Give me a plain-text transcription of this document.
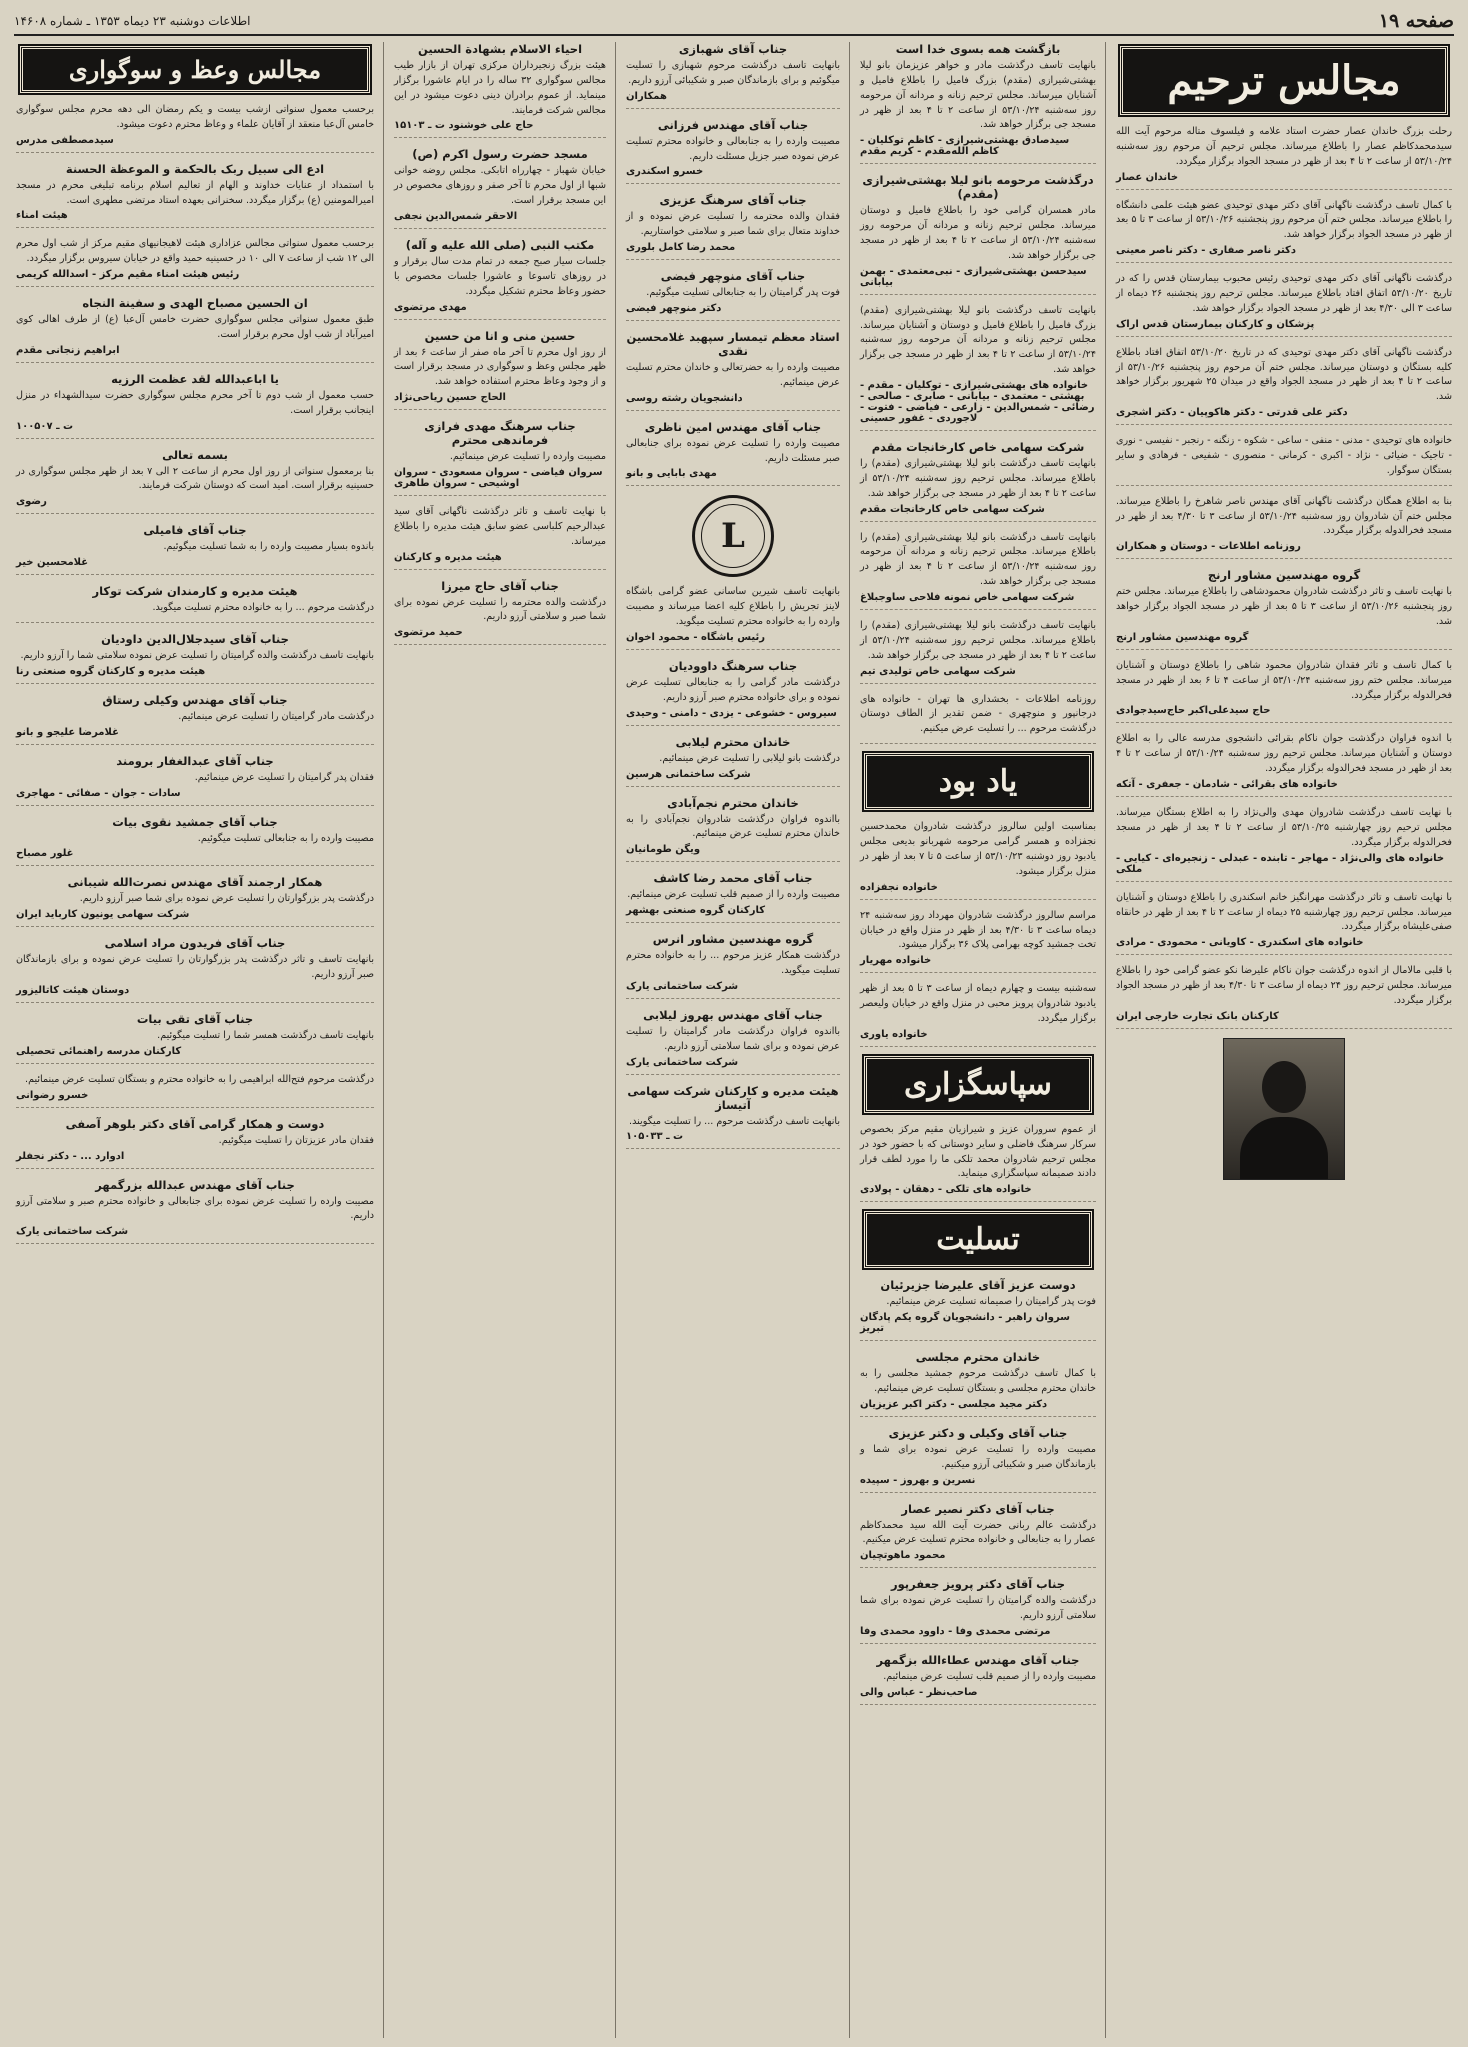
صفحه ۱۹
اطلاعات دوشنبه ۲۳ دیماه ۱۳۵۳ ـ شماره ۱۴۶۰۸
مجالس ترحیم
رحلت بزرگ خاندان عصار حضرت استاد علامه و فیلسوف متاله مرحوم آیت الله سیدمحمدکاظم عصار را باطلاع میرساند. مجلس ترحیم آن مرحوم روز سه‌شنبه ۵۳/۱۰/۲۴ از ساعت ۲ تا ۴ بعد از ظهر در مسجد الجواد برگزار میگردد.
خاندان عصار
با کمال تاسف درگذشت ناگهانی آقای دکتر مهدی توحیدی عضو هیئت علمی دانشگاه را باطلاع میرساند. مجلس ختم آن مرحوم روز پنجشنبه ۵۳/۱۰/۲۶ از ساعت ۳ تا ۵ بعد از ظهر در مسجد الجواد برگزار خواهد شد.
دکتر ناصر صفاری - دکتر ناصر معینی
درگذشت ناگهانی آقای دکتر مهدی توحیدی رئیس محبوب بیمارستان قدس را که در تاریخ ۵۳/۱۰/۲۰ اتفاق افتاد باطلاع میرساند. مجلس ترحیم روز پنجشنبه ۲۶ دیماه از ساعت ۳ الی ۴/۳۰ بعد از ظهر در مسجد الجواد برگزار خواهد شد.
پزشکان و کارکنان بیمارستان قدس اراک
درگذشت ناگهانی آقای دکتر مهدی توحیدی که در تاریخ ۵۳/۱۰/۲۰ اتفاق افتاد باطلاع کلیه بستگان و دوستان میرساند. مجلس ختم آن مرحوم روز پنجشنبه ۵۳/۱۰/۲۶ از ساعت ۲ تا ۴ بعد از ظهر در مسجد الجواد واقع در میدان ۲۵ شهریور برگزار خواهد شد.
دکتر علی قدرتی - دکتر هاکوپیان - دکتر اشجری
خانواده های توحیدی - مدنی - منفی - ساعی - شکوه - زنگنه - رنجبر - نفیسی - نوری - تاجیک - ضیائی - نژاد - اکبری - کرمانی - منصوری - شفیعی - فرهادی و سایر بستگان سوگوار.
بنا به اطلاع همگان درگذشت ناگهانی آقای مهندس ناصر شاهرخ را باطلاع میرساند. مجلس ختم آن شادروان روز سه‌شنبه ۵۳/۱۰/۲۴ از ساعت ۳ تا ۴/۳۰ بعد از ظهر در مسجد فخرالدوله برگزار میگردد.
روزنامه اطلاعات - دوستان و همکاران
گروه مهندسین مشاور ارنج
با نهایت تاسف و تاثر درگذشت شادروان محمودشاهی را باطلاع میرساند. مجلس ختم روز پنجشنبه ۵۳/۱۰/۲۶ از ساعت ۳ تا ۵ بعد از ظهر در مسجد الجواد برگزار خواهد شد.
گروه مهندسین مشاور ارنج
با کمال تاسف و تاثر فقدان شادروان محمود شاهی را باطلاع دوستان و آشنایان میرساند. مجلس ختم روز سه‌شنبه ۵۳/۱۰/۲۴ از ساعت ۴ تا ۶ بعد از ظهر در مسجد فخرالدوله برگزار میگردد.
حاج سیدعلی‌اکبر حاج‌سیدجوادی
با اندوه فراوان درگذشت جوان ناکام بقرائی دانشجوی مدرسه عالی را به اطلاع دوستان و آشنایان میرساند. مجلس ترحیم روز سه‌شنبه ۵۳/۱۰/۲۴ از ساعت ۲ تا ۴ بعد از ظهر در مسجد فخرالدوله برگزار میگردد.
خانواده های بقرائی - شادمان - جعفری - آتکه
با نهایت تاسف درگذشت شادروان مهدی والی‌نژاد را به اطلاع بستگان میرساند. مجلس ترحیم روز چهارشنبه ۵۳/۱۰/۲۵ از ساعت ۲ تا ۴ بعد از ظهر در مسجد فخرالدوله برگزار میگردد.
خانواده های والی‌نژاد - مهاجر - تابنده - عبدلی - زنجیره‌ای - کیایی - ملکی
با نهایت تاسف و تاثر درگذشت مهرانگیز خانم اسکندری را باطلاع دوستان و آشنایان میرساند. مجلس ترحیم روز چهارشنبه ۲۵ دیماه از ساعت ۲ تا ۴ بعد از ظهر در خانقاه صفی‌علیشاه برگزار میگردد.
خانواده های اسکندری - کاویانی - محمودی - مرادی
با قلبی مالامال از اندوه درگذشت جوان ناکام علیرضا نکو عضو گرامی خود را باطلاع میرساند. مجلس ترحیم روز ۲۴ دیماه از ساعت ۳ تا ۴/۳۰ بعد از ظهر در مسجد الجواد برگزار میگردد.
کارکنان بانک تجارت خارجی ایران
بازگشت همه بسوی خدا است
بانهایت تاسف درگذشت مادر و خواهر عزیزمان بانو لیلا بهشتی‌شیرازی (مقدم) بزرگ فامیل را باطلاع فامیل و آشنایان میرساند. مجلس ترحیم زنانه و مردانه آن مرحومه روز سه‌شنبه ۵۳/۱۰/۲۴ از ساعت ۲ تا ۴ بعد از ظهر در مسجد جی برگزار خواهد شد.
سیدصادق بهشتی‌شیرازی - کاظم توکلیان - کاظم الله‌مقدم - کریم مقدم
درگذشت مرحومه بانو لیلا بهشتی‌شیرازی (مقدم)
مادر همسران گرامی خود را باطلاع فامیل و دوستان میرساند. مجلس ترحیم زنانه و مردانه آن مرحومه روز سه‌شنبه ۵۳/۱۰/۲۴ از ساعت ۲ تا ۴ بعد از ظهر در مسجد جی برگزار خواهد شد.
سیدحسن بهشتی‌شیرازی - نبی‌معتمدی - بهمن بیابانی
بانهایت تاسف درگذشت بانو لیلا بهشتی‌شیرازی (مقدم) بزرگ فامیل را باطلاع فامیل و دوستان و آشنایان میرساند. مجلس ترحیم زنانه و مردانه آن مرحومه روز سه‌شنبه ۵۳/۱۰/۲۴ از ساعت ۲ تا ۴ بعد از ظهر در مسجد جی برگزار خواهد شد.
خانواده های بهشتی‌شیرازی - توکلیان - مقدم - بهشتی - معتمدی - بیابانی - صابری - صالحی - رضائی - شمس‌الدین - زارعی - فیاضی - فتوت - لاجوردی - غفور حسینی
شرکت سهامی خاص کارخانجات مقدم
بانهایت تاسف درگذشت بانو لیلا بهشتی‌شیرازی (مقدم) را باطلاع میرساند. مجلس ترحیم روز سه‌شنبه ۵۳/۱۰/۲۴ از ساعت ۲ تا ۴ بعد از ظهر در مسجد جی برگزار خواهد شد.
شرکت سهامی خاص کارخانجات مقدم
بانهایت تاسف درگذشت بانو لیلا بهشتی‌شیرازی (مقدم) را باطلاع میرساند. مجلس ترحیم زنانه و مردانه آن مرحومه روز سه‌شنبه ۵۳/۱۰/۲۴ از ساعت ۲ تا ۴ بعد از ظهر در مسجد جی برگزار خواهد شد.
شرکت سهامی خاص نمونه فلاحی ساوجبلاغ
بانهایت تاسف درگذشت بانو لیلا بهشتی‌شیرازی (مقدم) را باطلاع میرساند. مجلس ترحیم روز سه‌شنبه ۵۳/۱۰/۲۴ از ساعت ۲ تا ۴ بعد از ظهر در مسجد جی برگزار خواهد شد.
شرکت سهامی خاص تولیدی تیم
روزنامه اطلاعات - بخشداری ها تهران - خانواده های درجانپور و منوچهری - ضمن تقدیر از الطاف دوستان درگذشت مرحوم ... را تسلیت عرض میکنیم.
یاد بود
بمناسبت اولین سالروز درگذشت شادروان محمدحسین نجفزاده و همسر گرامی مرحومه شهربانو بدیعی مجلس یادبود روز دوشنبه ۵۳/۱۰/۲۳ از ساعت ۵ تا ۷ بعد از ظهر در منزل برگزار میشود.
خانواده نجفزاده
مراسم سالروز درگذشت شادروان مهرداد روز سه‌شنبه ۲۴ دیماه ساعت ۳ تا ۴/۳۰ بعد از ظهر در منزل واقع در خیابان تخت جمشید کوچه بهرامی پلاک ۳۶ برگزار میشود.
خانواده مهریار
سه‌شنبه بیست و چهارم دیماه از ساعت ۳ تا ۵ بعد از ظهر یادبود شادروان پرویز محبی در منزل واقع در خیابان ولیعصر برگزار میگردد.
خانواده یاوری
سپاسگزاری
از عموم سروران عزیز و شیرازیان مقیم مرکز بخصوص سرکار سرهنگ فاضلی و سایر دوستانی که با حضور خود در مجلس ترحیم شادروان محمد تلکی ما را مورد لطف قرار دادند صمیمانه سپاسگزاری مینماید.
خانواده های تلکی - دهقان - پولادی
تسلیت
دوست عزیز آقای علیرضا جزیرئیان
فوت پدر گرامیتان را صمیمانه تسلیت عرض مینمائیم.
سروان راهبر - دانشجویان گروه یکم پادگان تبریز
خاندان محترم مجلسی
با کمال تاسف درگذشت مرحوم جمشید مجلسی را به خاندان محترم مجلسی و بستگان تسلیت عرض مینمائیم.
دکتر مجید مجلسی - دکتر اکبر عزیزیان
جناب آقای وکیلی و دکتر عزیزی
مصیبت وارده را تسلیت عرض نموده برای شما و بازماندگان صبر و شکیبائی آرزو میکنیم.
نسرین و بهروز - سپیده
جناب آقای دکتر نصیر عصار
درگذشت عالم ربانی حضرت آیت الله سید محمدکاظم عصار را به جنابعالی و خانواده محترم تسلیت عرض میکنیم.
محمود ماهوتچیان
جناب آقای دکتر پرویز جعفرپور
درگذشت والده گرامیتان را تسلیت عرض نموده برای شما سلامتی آرزو داریم.
مرتضی محمدی وفا - داوود محمدی وفا
جناب آقای مهندس عطاءالله بزگمهر
مصیبت وارده را از صمیم قلب تسلیت عرض مینمائیم.
صاحب‌نظر - عباس والی
جناب آقای شهبازی
بانهایت تاسف درگذشت مرحوم شهبازی را تسلیت میگوئیم و برای بازماندگان صبر و شکیبائی آرزو داریم.
همکاران
جناب آقای مهندس فرزانی
مصیبت وارده را به جنابعالی و خانواده محترم تسلیت عرض نموده صبر جزیل مسئلت داریم.
خسرو اسکندری
جناب آقای سرهنگ عزیزی
فقدان والده محترمه را تسلیت عرض نموده و از خداوند متعال برای شما صبر و سلامتی خواستاریم.
محمد رضا کامل بلوری
جناب آقای منوچهر فیضی
فوت پدر گرامیتان را به جنابعالی تسلیت میگوئیم.
دکتر منوچهر فیضی
استاد معظم تیمسار سپهبد غلامحسین نقدی
مصیبت وارده را به حضرتعالی و خاندان محترم تسلیت عرض مینمائیم.
دانشجویان رشته روسی
جناب آقای مهندس امین ناظری
مصیبت وارده را تسلیت عرض نموده برای جنابعالی صبر مسئلت داریم.
مهدی بابایی و بانو
L
بانهایت تاسف شیرین ساسانی عضو گرامی باشگاه لاینز تجریش را باطلاع کلیه اعضا میرساند و مصیبت وارده را به خانواده محترم تسلیت میگوید.
رئیس باشگاه - محمود اخوان
جناب سرهنگ داوودیان
درگذشت مادر گرامی را به جنابعالی تسلیت عرض نموده و برای خانواده محترم صبر آرزو داریم.
سیروس - خشوعی - یزدی - دامنی - وحیدی
خاندان محترم لیلابی
درگذشت بانو لیلابی را تسلیت عرض مینمائیم.
شرکت ساختمانی هرسین
خاندان محترم نجم‌آبادی
بااندوه فراوان درگذشت شادروان نجم‌آبادی را به خاندان محترم تسلیت عرض مینمائیم.
ویگن طومانیان
جناب آقای محمد رضا کاشف
مصیبت وارده را از صمیم قلب تسلیت عرض مینمائیم.
کارکنان گروه صنعتی بهشهر
گروه مهندسین مشاور انرس
درگذشت همکار عزیز مرحوم ... را به خانواده محترم تسلیت میگوید.
شرکت ساختمانی یارک
جناب آقای مهندس بهروز لیلابی
بااندوه فراوان درگذشت مادر گرامیتان را تسلیت عرض نموده و برای شما سلامتی آرزو داریم.
شرکت ساختمانی یارک
هیئت مدیره و کارکنان شرکت سهامی آتیساز
بانهایت تاسف درگذشت مرحوم ... را تسلیت میگویند.
ت ـ ۱۰۵۰۳۳
احیاء الاسلام بشهادة الحسین
هیئت بزرگ زنجیرداران مرکزی تهران از بازار طیب مجالس سوگواری ۳۲ ساله را در ایام عاشورا برگزار مینماید. از عموم برادران دینی دعوت میشود در این مجالس شرکت فرمایند.
حاج علی خوشنود ت ـ ۱۵۱۰۳
مسجد حضرت رسول اکرم (ص)
خیابان شهباز - چهارراه اتابکی. مجلس روضه خوانی شبها از اول محرم تا آخر صفر و روزهای مخصوص در این مسجد برقرار است.
الاحقر شمس‌الدین نجفی
مکتب النبی (صلی الله علیه و آله)
جلسات سیار صبح جمعه در تمام مدت سال برقرار و در روزهای تاسوعا و عاشورا جلسات مخصوص با حضور وعاظ محترم تشکیل میگردد.
مهدی مرتضوی
حسین منی و انا من حسین
از روز اول محرم تا آخر ماه صفر از ساعت ۶ بعد از ظهر مجلس وعظ و سوگواری در مسجد برقرار است و از وجود وعاظ محترم استفاده خواهد شد.
الحاج حسین ریاحی‌نژاد
جناب سرهنگ مهدی فرازی فرماندهی محترم
مصیبت وارده را تسلیت عرض مینمائیم.
سروان فیاضی - سروان مسعودی - سروان اوشیحی - سروان طاهری
با نهایت تاسف و تاثر درگذشت ناگهانی آقای سید عبدالرحیم کلباسی عضو سابق هیئت مدیره را باطلاع میرساند.
هیئت مدیره و کارکنان
جناب آقای حاج میرزا
درگذشت والده محترمه را تسلیت عرض نموده برای شما صبر و سلامتی آرزو داریم.
حمید مرتضوی
مجالس وعظ و سوگواری
برحسب معمول سنواتی ازشب بیست و یکم رمضان الی دهه محرم مجلس سوگواری خامس آل‌عبا منعقد از آقایان علماء و وعاظ محترم دعوت میشود.
سیدمصطفی مدرس
ادع الی سبیل ربک بالحکمة و الموعظة الحسنة
با استمداد از عنایات خداوند و الهام از تعالیم اسلام برنامه تبلیغی محرم در مسجد امیرالمومنین (ع) برگزار میگردد. سخنرانی بعهده استاد مرتضی مطهری است.
هیئت امناء
برحسب معمول سنواتی مجالس عزاداری هیئت لاهیجانیهای مقیم مرکز از شب اول محرم الی ۱۲ شب از ساعت ۷ الی ۱۰ در حسینیه حمید واقع در خیابان سیروس برگزار میگردد.
رئیس هیئت امناء مقیم مرکز - اسدالله کریمی
ان الحسین مصباح الهدی و سفینة النجاه
طبق معمول سنواتی مجلس سوگواری حضرت خامس آل‌عبا (ع) از طرف اهالی کوی امیرآباد از شب اول محرم برقرار است.
ابراهیم زنجانی مقدم
یا اباعبدالله لقد عظمت الرزیه
حسب معمول از شب دوم تا آخر محرم مجلس سوگواری حضرت سیدالشهداء در منزل اینجانب برقرار است.
ت ـ ۱۰۰۵۰۷
بسمه تعالی
بنا برمعمول سنواتی از روز اول محرم از ساعت ۲ الی ۷ بعد از ظهر مجلس سوگواری در حسینیه برقرار است. امید است که دوستان شرکت فرمایند.
رضوی
جناب آقای فامیلی
باندوه بسیار مصیبت وارده را به شما تسلیت میگوئیم.
غلامحسین خیر
هیئت مدیره و کارمندان شرکت توکار
درگذشت مرحوم ... را به خانواده محترم تسلیت میگوید.
جناب آقای سیدجلال‌الدین داودیان
بانهایت تاسف درگذشت والده گرامیتان را تسلیت عرض نموده سلامتی شما را آرزو داریم.
هیئت مدیره و کارکنان گروه صنعتی رنا
جناب آقای مهندس وکیلی رستاق
درگذشت مادر گرامیتان را تسلیت عرض مینمائیم.
غلامرضا علیجو و بانو
جناب آقای عبدالغفار برومند
فقدان پدر گرامیتان را تسلیت عرض مینمائیم.
سادات - جوان - صفائی - مهاجری
جناب آقای جمشید نقوی بیات
مصیبت وارده را به جنابعالی تسلیت میگوئیم.
غلور مصباح
همکار ارجمند آقای مهندس نصرت‌الله شیبانی
درگذشت پدر بزرگوارتان را تسلیت عرض نموده برای شما صبر آرزو داریم.
شرکت سهامی یونیون کاربايد ایران
جناب آقای فریدون مراد اسلامی
بانهایت تاسف و تاثر درگذشت پدر بزرگوارتان را تسلیت عرض نموده و برای بازماندگان صبر آرزو داریم.
دوستان هیئت کاتالیزور
جناب آقای تقی بیات
بانهایت تاسف درگذشت همسر شما را تسلیت میگوئیم.
کارکنان مدرسه راهنمائی تحصیلی
درگذشت مرحوم فتح‌الله ابراهیمی را به خانواده محترم و بستگان تسلیت عرض مینمائیم.
خسرو رضوانی
دوست و همکار گرامی آقای دکتر بلوهر آصفی
فقدان مادر عزیزتان را تسلیت میگوئیم.
ادوارد ... - دکتر نجفلر
جناب آقای مهندس عبدالله بزرگمهر
مصیبت وارده را تسلیت عرض نموده برای جنابعالی و خانواده محترم صبر و سلامتی آرزو داریم.
شرکت ساختمانی یارک
